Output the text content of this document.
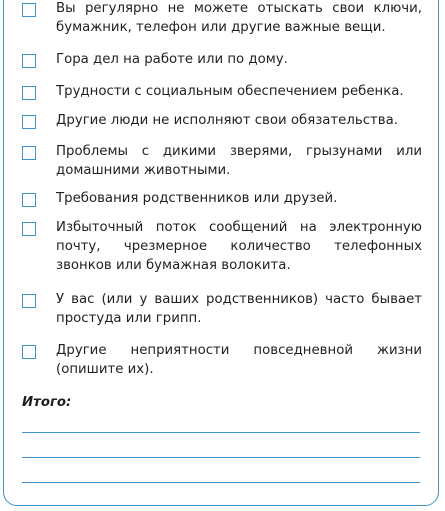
Вы регулярно не можете отыскать свои ключи, бумажник, телефон или другие важные вещи.
Гора дел на работе или по дому.
Трудности с социальным обеспечением ребенка.
Другие люди не исполняют свои обязательства.
Проблемы с дикими зверями, грызунами или домашними животными.
Требования родственников или друзей.
Избыточный поток сообщений на электронную почту, чрезмерное количество телефонных звонков или бумажная волокита.
У вас (или у ваших родственников) часто бывает простуда или грипп.
Другие неприятности повседневной жизни (опишите их).
Итого:
